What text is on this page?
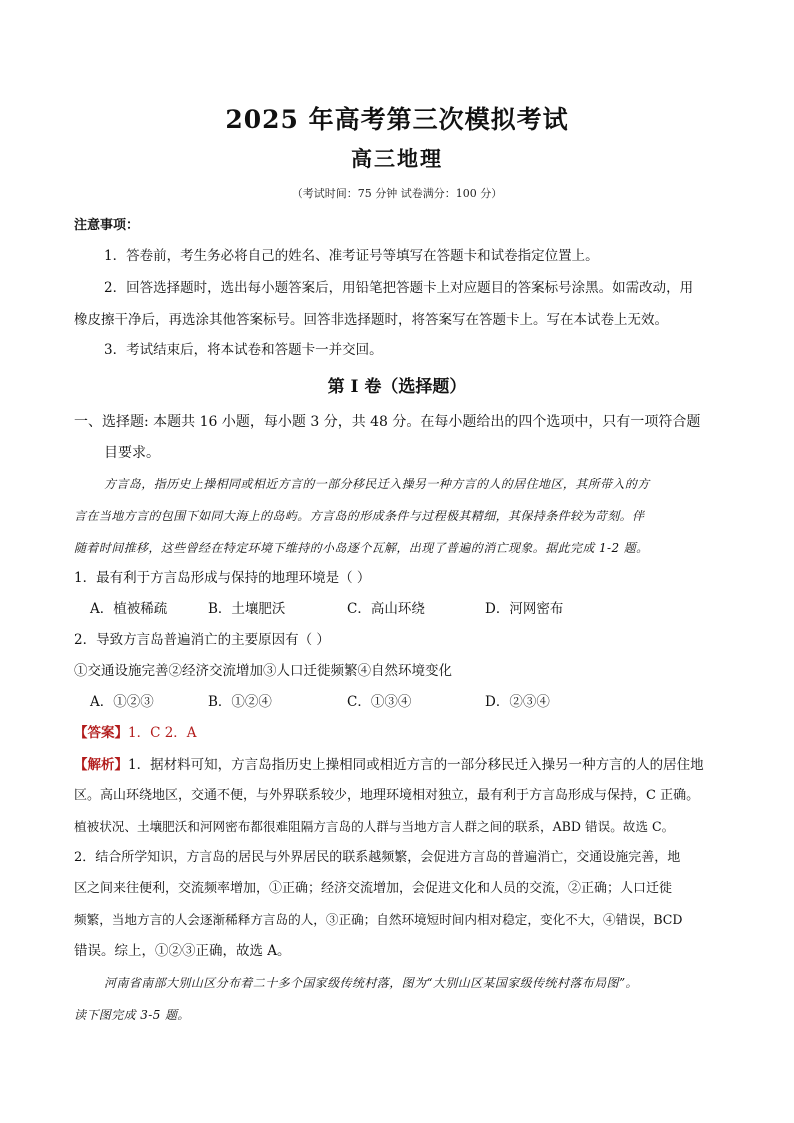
2025 年高考第三次模拟考试
高三地理
（考试时间：75 分钟 试卷满分：100 分）
注意事项：
1．答卷前，考生务必将自己的姓名、准考证号等填写在答题卡和试卷指定位置上。
2．回答选择题时，选出每小题答案后，用铅笔把答题卡上对应题目的答案标号涂黑。如需改动，用
橡皮擦干净后，再选涂其他答案标号。回答非选择题时，将答案写在答题卡上。写在本试卷上无效。
3．考试结束后，将本试卷和答题卡一并交回。
第 I 卷（选择题）
一、选择题: 本题共 16 小题，每小题 3 分，共 48 分。在每小题给出的四个选项中，只有一项符合题
目要求。
方言岛，指历史上操相同或相近方言的一部分移民迁入操另一种方言的人的居住地区，其所带入的方
言在当地方言的包围下如同大海上的岛屿。方言岛的形成条件与过程极其精细，其保持条件较为苛刻。伴
随着时间推移，这些曾经在特定环境下维持的小岛逐个瓦解，出现了普遍的消亡现象。据此完成 1-2 题。
1．最有利于方言岛形成与保持的地理环境是（ ）
A．植被稀疏	B．土壤肥沃	C．高山环绕	D．河网密布
2．导致方言岛普遍消亡的主要原因有（ ）
①交通设施完善②经济交流增加③人口迁徙频繁④自然环境变化
A．①②③	B．①②④	C．①③④	D．②③④
【答案】1．C 2．A
【解析】1．据材料可知，方言岛指历史上操相同或相近方言的一部分移民迁入操另一种方言的人的居住地
区。高山环绕地区，交通不便，与外界联系较少，地理环境相对独立，最有利于方言岛形成与保持，C 正确。
植被状况、土壤肥沃和河网密布都很难阻隔方言岛的人群与当地方言人群之间的联系，ABD 错误。故选 C。
2．结合所学知识，方言岛的居民与外界居民的联系越频繁，会促进方言岛的普遍消亡，交通设施完善，地
区之间来往便利，交流频率增加，①正确；经济交流增加，会促进文化和人员的交流，②正确；人口迁徙
频繁，当地方言的人会逐渐稀释方言岛的人，③正确；自然环境短时间内相对稳定，变化不大，④错误，BCD
错误。综上，①②③正确，故选 A。
河南省南部大别山区分布着二十多个国家级传统村落，图为“大别山区某国家级传统村落布局图”。
读下图完成 3-5 题。
